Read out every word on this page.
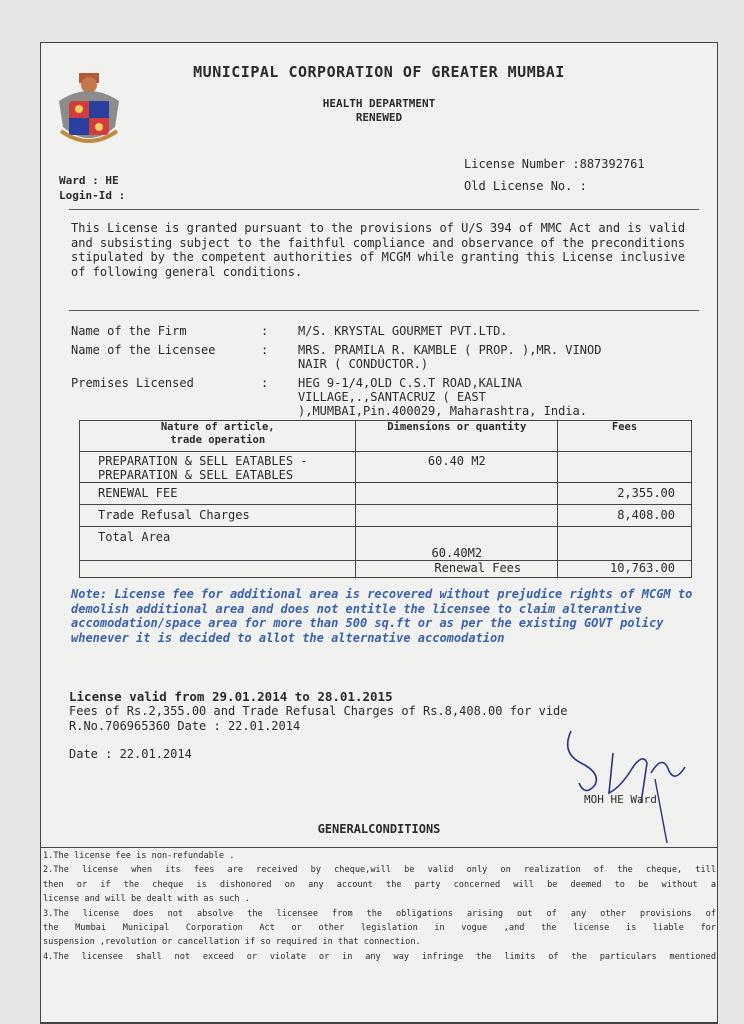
MUNICIPAL CORPORATION OF GREATER MUMBAI
HEALTH DEPARTMENT
RENEWED
License Number :887392761
Old License No. :
Ward : HE
Login-Id :
This License is granted pursuant to the provisions of U/S 394 of MMC Act and is valid and subsisting subject to the faithful compliance and observance of the preconditions stipulated by the competent authorities of MCGM while granting this License inclusive of following general conditions.
Name of the Firm	: M/S. KRYSTAL GOURMET PVT.LTD.
Name of the Licensee	: MRS. PRAMILA R. KAMBLE ( PROP. ),MR. VINOD
NAIR ( CONDUCTOR.)
Premises Licensed	: HEG 9-1/4,OLD C.S.T ROAD,KALINA
VILLAGE,.,SANTACRUZ ( EAST
),MUMBAI,Pin.400029, Maharashtra, India.
Nature of article,
trade operation	Dimensions or quantity	Fees

PREPARATION & SELL EATABLES -
PREPARATION & SELL EATABLES	60.40 M2	
RENEWAL FEE		2,355.00
Trade Refusal Charges		8,408.00
Total Area	60.40M2	
	Renewal Fees	10,763.00
Note: License fee for additional area is recovered without prejudice rights of MCGM to demolish additional area and does not entitle the licensee to claim alterantive accomodation/space area for more than 500 sq.ft or as per the existing GOVT policy whenever it is decided to allot the alternative accomodation
License valid from 29.01.2014 to 28.01.2015
Fees of Rs.2,355.00 and Trade Refusal Charges of Rs.8,408.00 for vide
R.No.706965360 Date : 22.01.2014
Date : 22.01.2014
MOH HE Ward
GENERALCONDITIONS
1.The license fee is non-refundable .
2.The license when its fees are received by cheque,will be valid only on realization of the cheque, till
then or if the cheque is dishonored on any account the party concerned will be deemed to be without a
license and will be dealt with as such .
3.The license does not absolve the licensee from the obligations arising out of any other provisions of
the Mumbai Municipal Corporation Act or other legislation in vogue ,and the license is liable for
suspension ,revolution or cancellation if so required in that connection.
4.The licensee shall not exceed or violate or in any way infringe the limits of the particulars mentioned
